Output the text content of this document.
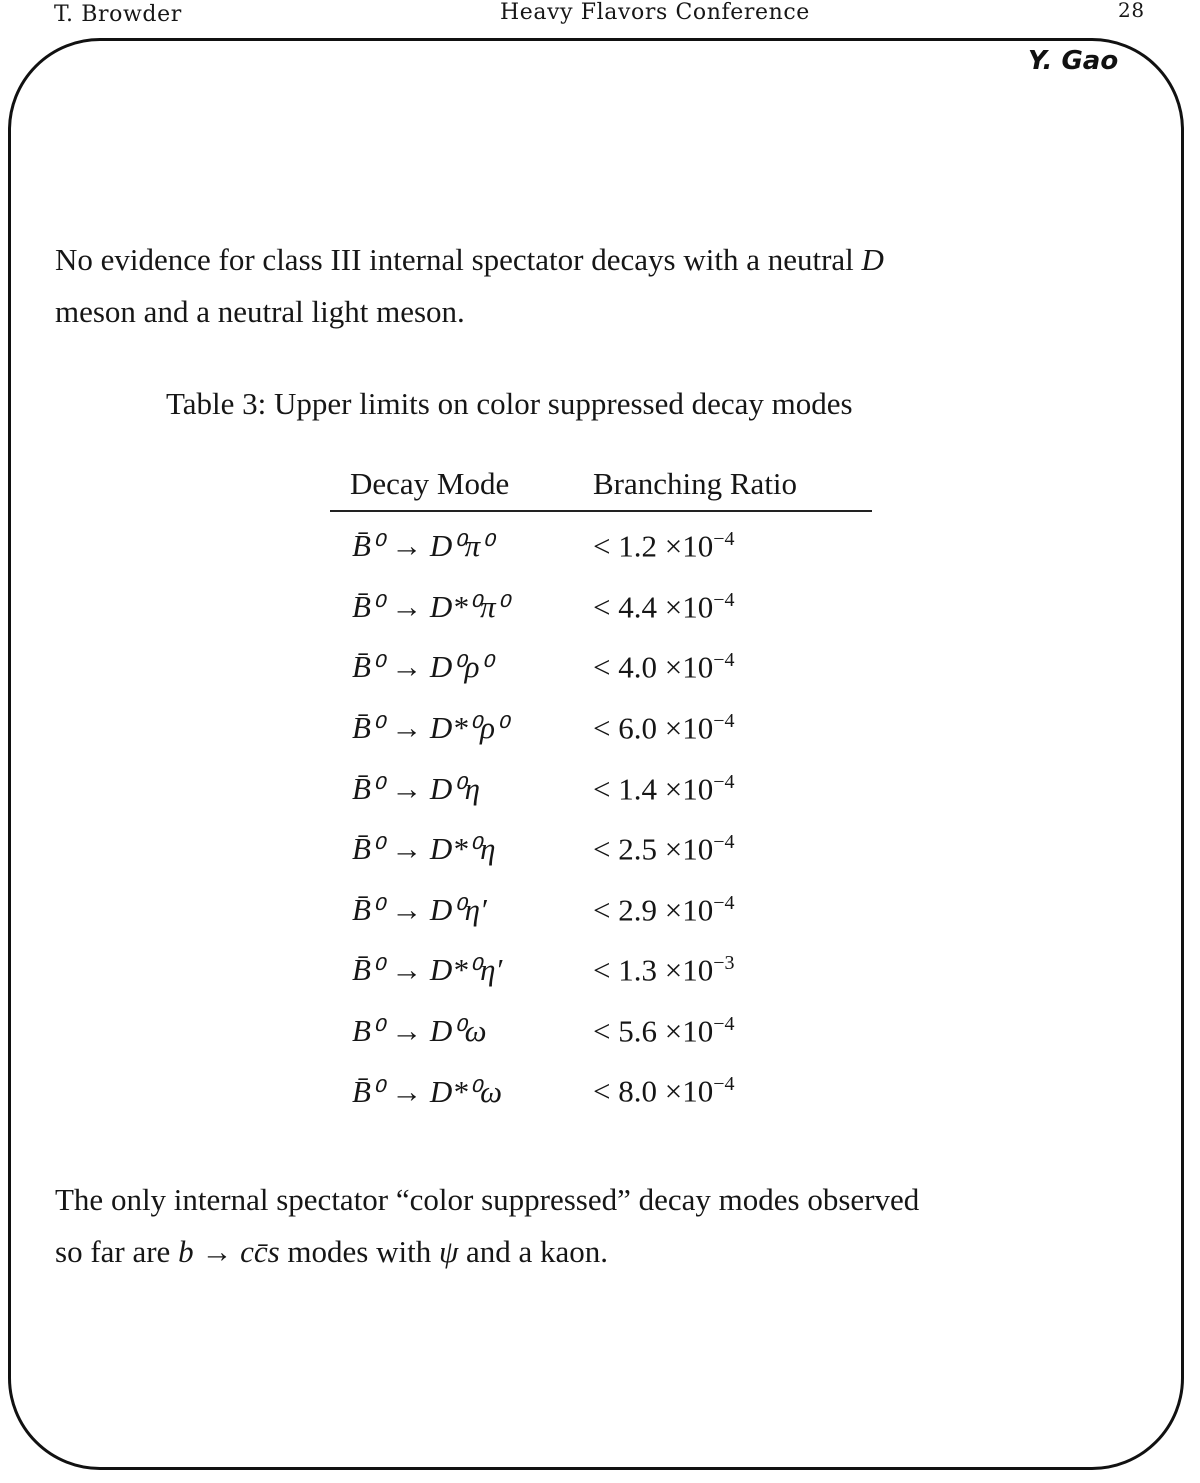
T. Browder	Heavy Flavors Conference	28
Y. Gao
No evidence for class III internal spectator decays with a neutral D
meson and a neutral light meson.
Table 3: Upper limits on color suppressed decay modes
Decay Mode	Branching Ratio
B̄⁰ → D⁰π⁰	< $1.2 \times 10^{-4}$
B̄⁰ → D*⁰π⁰	< $4.4 \times 10^{-4}$
B̄⁰ → D⁰ρ⁰	< $4.0 \times 10^{-4}$
B̄⁰ → D*⁰ρ⁰	< $6.0 \times 10^{-4}$
B̄⁰ → D⁰η	< $1.4 \times 10^{-4}$
B̄⁰ → D*⁰η	< $2.5 \times 10^{-4}$
B̄⁰ → D⁰η′	< $2.9 \times 10^{-4}$
B̄⁰ → D*⁰η′	< $1.3 \times 10^{-3}$
B⁰ → D⁰ω	< $5.6 \times 10^{-4}$
B̄⁰ → D*⁰ω	< $8.0 \times 10^{-4}$
The only internal spectator “color suppressed” decay modes observed
so far are b → cc̄s modes with ψ and a kaon.
